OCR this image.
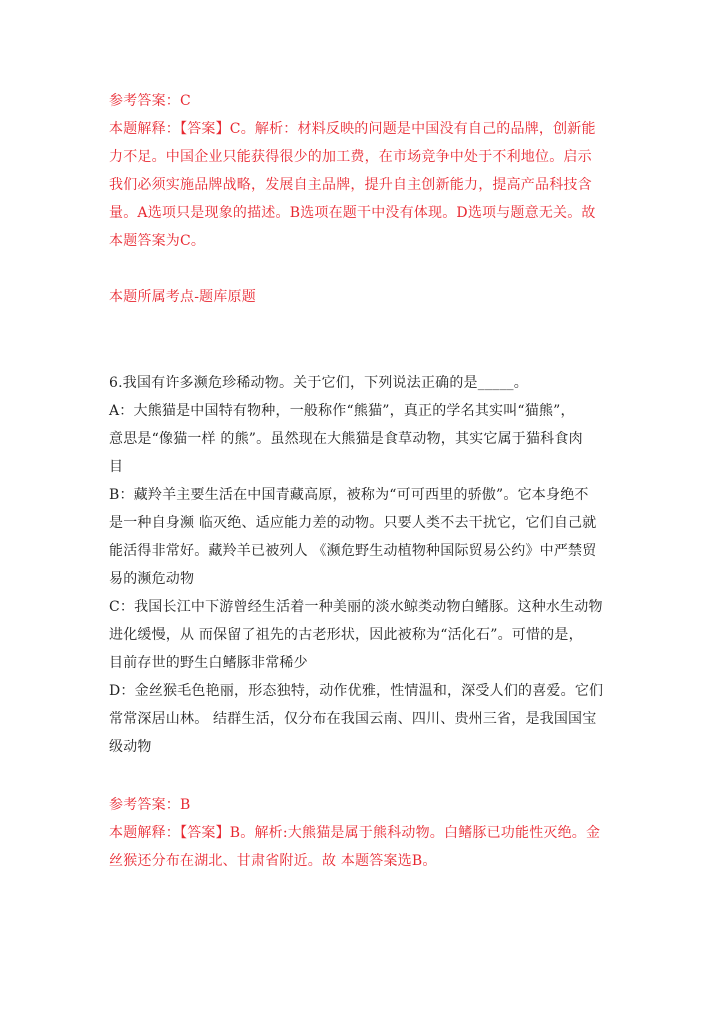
参考答案：C
本题解释：【答案】C。解析：材料反映的问题是中国没有自己的品牌，创新能
力不足。中国企业只能获得很少的加工费，在市场竞争中处于不利地位。启示
我们必须实施品牌战略，发展自主品牌，提升自主创新能力，提高产品科技含
量。A选项只是现象的描述。B选项在题干中没有体现。D选项与题意无关。故
本题答案为C。
本题所属考点-题库原题
6.我国有许多濒危珍稀动物。关于它们，下列说法正确的是_____。
A：大熊猫是中国特有物种，一般称作“熊猫”，真正的学名其实叫“猫熊”，
意思是“像猫一样 的熊”。虽然现在大熊猫是食草动物，其实它属于猫科食肉
目
B：藏羚羊主要生活在中国青藏高原，被称为“可可西里的骄傲”。它本身绝不
是一种自身濒 临灭绝、适应能力差的动物。只要人类不去干扰它，它们自己就
能活得非常好。藏羚羊已被列人 《濒危野生动植物种国际贸易公约》中严禁贸
易的濒危动物
C：我国长江中下游曾经生活着一种美丽的淡水鲸类动物白鳍豚。这种水生动物
进化缓慢，从 而保留了祖先的古老形状，因此被称为“活化石”。可惜的是，
目前存世的野生白鳍豚非常稀少
D：金丝猴毛色艳丽，形态独特，动作优雅，性情温和，深受人们的喜爱。它们
常常深居山林。 结群生活，仅分布在我国云南、四川、贵州三省，是我国国宝
级动物
参考答案：B
本题解释：【答案】B。解析:大熊猫是属于熊科动物。白鳍豚已功能性灭绝。金
丝猴还分布在湖北、甘肃省附近。故 本题答案选B。
